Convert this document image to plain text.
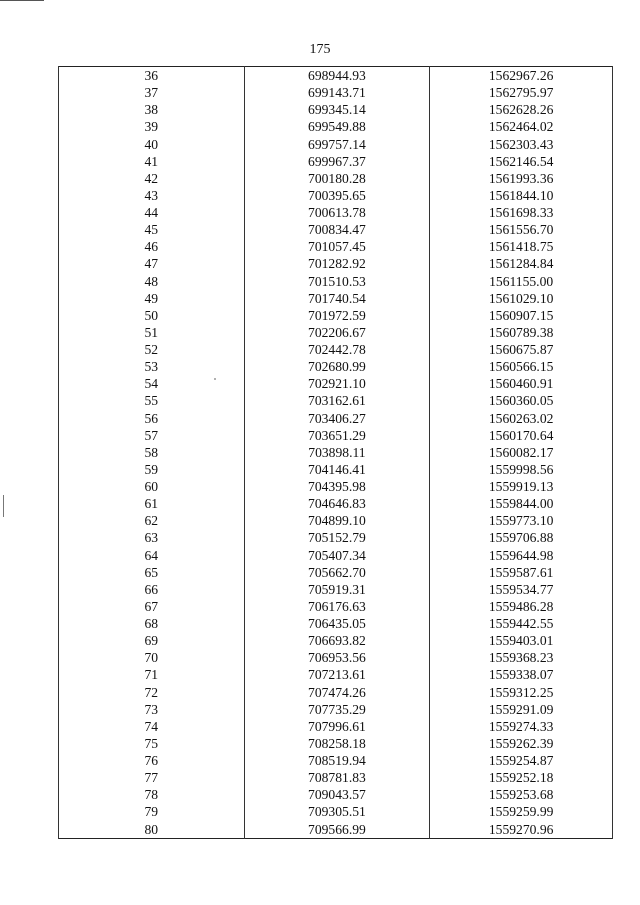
175
36	698944.93	1562967.26
37	699143.71	1562795.97
38	699345.14	1562628.26
39	699549.88	1562464.02
40	699757.14	1562303.43
41	699967.37	1562146.54
42	700180.28	1561993.36
43	700395.65	1561844.10
44	700613.78	1561698.33
45	700834.47	1561556.70
46	701057.45	1561418.75
47	701282.92	1561284.84
48	701510.53	1561155.00
49	701740.54	1561029.10
50	701972.59	1560907.15
51	702206.67	1560789.38
52	702442.78	1560675.87
53	702680.99	1560566.15
54	702921.10	1560460.91
55	703162.61	1560360.05
56	703406.27	1560263.02
57	703651.29	1560170.64
58	703898.11	1560082.17
59	704146.41	1559998.56
60	704395.98	1559919.13
61	704646.83	1559844.00
62	704899.10	1559773.10
63	705152.79	1559706.88
64	705407.34	1559644.98
65	705662.70	1559587.61
66	705919.31	1559534.77
67	706176.63	1559486.28
68	706435.05	1559442.55
69	706693.82	1559403.01
70	706953.56	1559368.23
71	707213.61	1559338.07
72	707474.26	1559312.25
73	707735.29	1559291.09
74	707996.61	1559274.33
75	708258.18	1559262.39
76	708519.94	1559254.87
77	708781.83	1559252.18
78	709043.57	1559253.68
79	709305.51	1559259.99
80	709566.99	1559270.96
